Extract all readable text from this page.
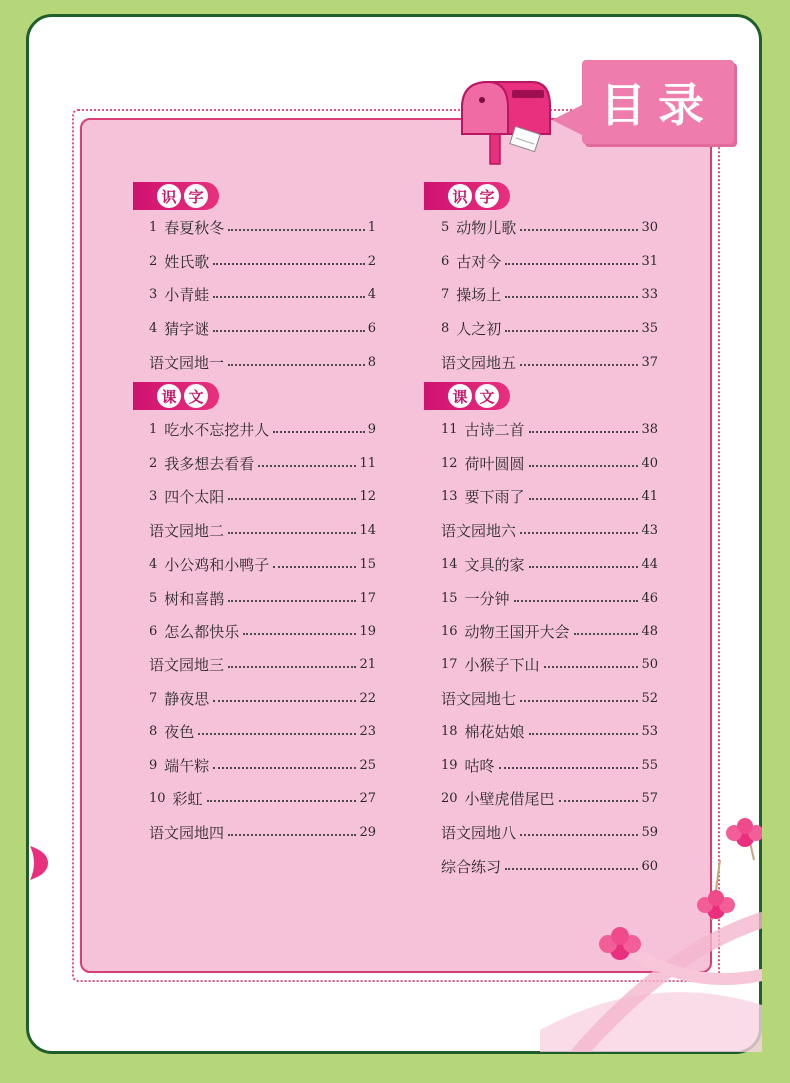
目录
识 字
1 春夏秋冬	1
2 姓氏歌	2
3 小青蛙	4
4 猜字谜	6
语文园地一	8
课 文
1 吃水不忘挖井人	9
2 我多想去看看	11
3 四个太阳	12
语文园地二	14
4 小公鸡和小鸭子	15
5 树和喜鹊	17
6 怎么都快乐	19
语文园地三	21
7 静夜思	22
8 夜色	23
9 端午粽	25
10 彩虹	27
语文园地四	29
识 字
5 动物儿歌	30
6 古对今	31
7 操场上	33
8 人之初	35
语文园地五	37
课 文
11 古诗二首	38
12 荷叶圆圆	40
13 要下雨了	41
语文园地六	43
14 文具的家	44
15 一分钟	46
16 动物王国开大会	48
17 小猴子下山	50
语文园地七	52
18 棉花姑娘	53
19 咕咚	55
20 小壁虎借尾巴	57
语文园地八	59
综合练习	60
